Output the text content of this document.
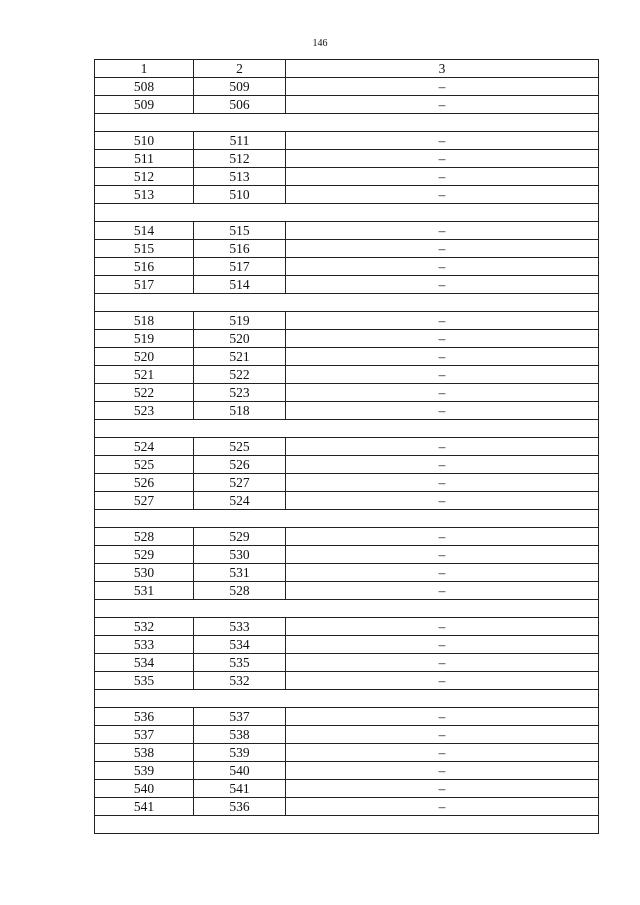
146
1	2	3
508	509	–
509	506	–

510	511	–
511	512	–
512	513	–
513	510	–

514	515	–
515	516	–
516	517	–
517	514	–

518	519	–
519	520	–
520	521	–
521	522	–
522	523	–
523	518	–

524	525	–
525	526	–
526	527	–
527	524	–

528	529	–
529	530	–
530	531	–
531	528	–

532	533	–
533	534	–
534	535	–
535	532	–

536	537	–
537	538	–
538	539	–
539	540	–
540	541	–
541	536	–
